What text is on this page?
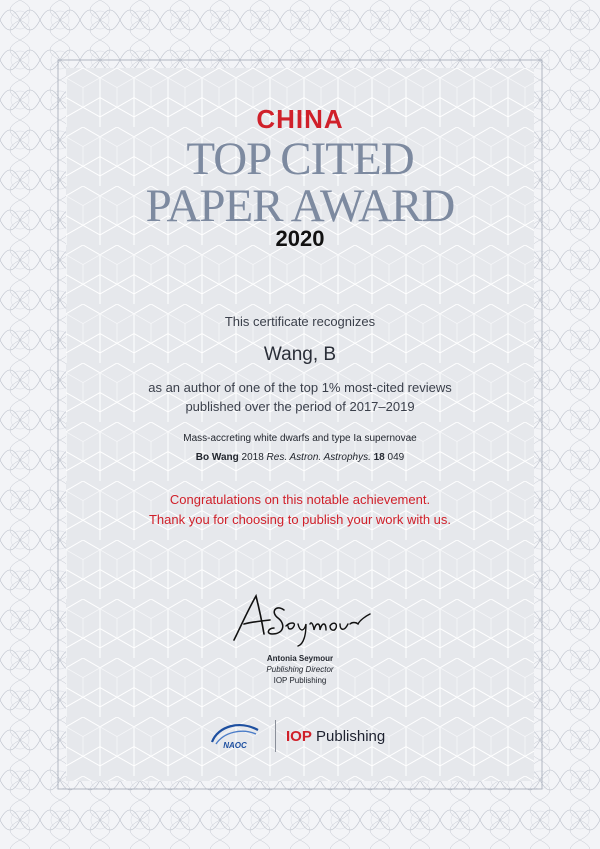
CHINA
TOP CITED
PAPER AWARD
2020
This certificate recognizes
Wang, B
as an author of one of the top 1% most-cited reviews
published over the period of 2017–2019
Mass-accreting white dwarfs and type Ia supernovae
Bo Wang 2018 Res. Astron. Astrophys. 18 049
Congratulations on this notable achievement.
Thank you for choosing to publish your work with us.
Antonia Seymour
Publishing Director
IOP Publishing
NAOC
IOP Publishing
